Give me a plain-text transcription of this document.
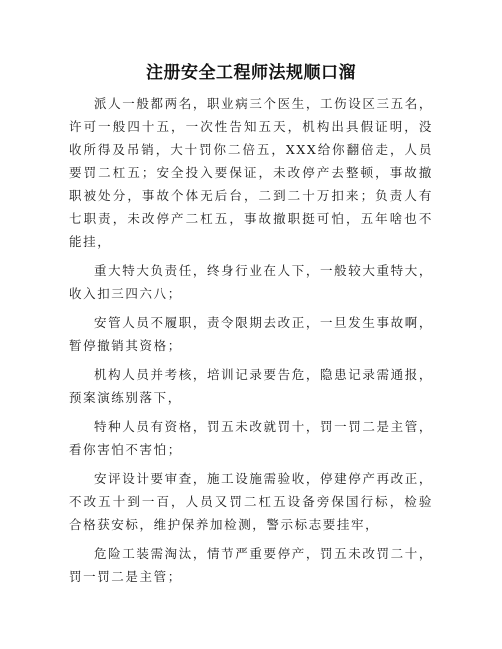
注册安全工程师法规顺口溜

派人一般都两名，职业病三个医生，工伤设区三五名，许可一般四十五，一次性告知五天，机构出具假证明，没收所得及吊销，大十罚你二倍五，XXX给你翻倍走，人员要罚二杠五；安全投入要保证，未改停产去整顿，事故撤职被处分，事故个体无后台，二到二十万扣来；负责人有七职责，未改停产二杠五，事故撤职挺可怕，五年啥也不能挂，

重大特大负责任，终身行业在人下，一般较大重特大，收入扣三四六八；

安管人员不履职，责令限期去改正，一旦发生事故啊，暂停撤销其资格；

机构人员并考核，培训记录要告危，隐患记录需通报，预案演练别落下，

特种人员有资格，罚五未改就罚十，罚一罚二是主管，看你害怕不害怕；

安评设计要审查，施工设施需验收，停建停产再改正，不改五十到一百，人员又罚二杠五设备旁保国行标，检验合格获安标，维护保养加检测，警示标志要挂牢，

危险工装需淘汰，情节严重要停产，罚五未改罚二十，罚一罚二是主管；
